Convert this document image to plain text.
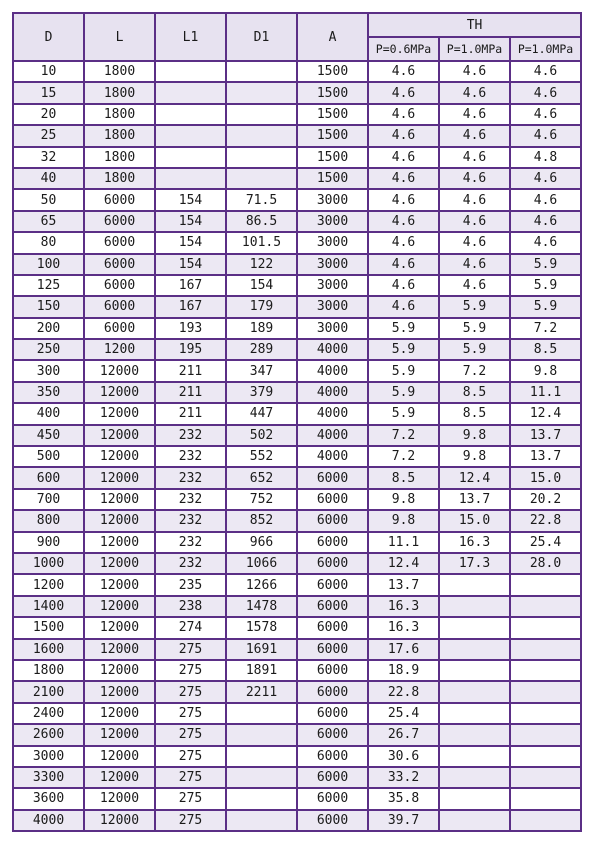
D	L	L1	D1	A	TH		
					P=0.6MPa	P=1.0MPa	P=1.0MPa
10	1800			1500	4.6	4.6	4.6
15	1800			1500	4.6	4.6	4.6
20	1800			1500	4.6	4.6	4.6
25	1800			1500	4.6	4.6	4.6
32	1800			1500	4.6	4.6	4.8
40	1800			1500	4.6	4.6	4.6
50	6000	154	71.5	3000	4.6	4.6	4.6
65	6000	154	86.5	3000	4.6	4.6	4.6
80	6000	154	101.5	3000	4.6	4.6	4.6
100	6000	154	122	3000	4.6	4.6	5.9
125	6000	167	154	3000	4.6	4.6	5.9
150	6000	167	179	3000	4.6	5.9	5.9
200	6000	193	189	3000	5.9	5.9	7.2
250	1200	195	289	4000	5.9	5.9	8.5
300	12000	211	347	4000	5.9	7.2	9.8
350	12000	211	379	4000	5.9	8.5	11.1
400	12000	211	447	4000	5.9	8.5	12.4
450	12000	232	502	4000	7.2	9.8	13.7
500	12000	232	552	4000	7.2	9.8	13.7
600	12000	232	652	6000	8.5	12.4	15.0
700	12000	232	752	6000	9.8	13.7	20.2
800	12000	232	852	6000	9.8	15.0	22.8
900	12000	232	966	6000	11.1	16.3	25.4
1000	12000	232	1066	6000	12.4	17.3	28.0
1200	12000	235	1266	6000	13.7		
1400	12000	238	1478	6000	16.3		
1500	12000	274	1578	6000	16.3		
1600	12000	275	1691	6000	17.6		
1800	12000	275	1891	6000	18.9		
2100	12000	275	2211	6000	22.8		
2400	12000	275		6000	25.4		
2600	12000	275		6000	26.7		
3000	12000	275		6000	30.6		
3300	12000	275		6000	33.2		
3600	12000	275		6000	35.8		
4000	12000	275		6000	39.7		
